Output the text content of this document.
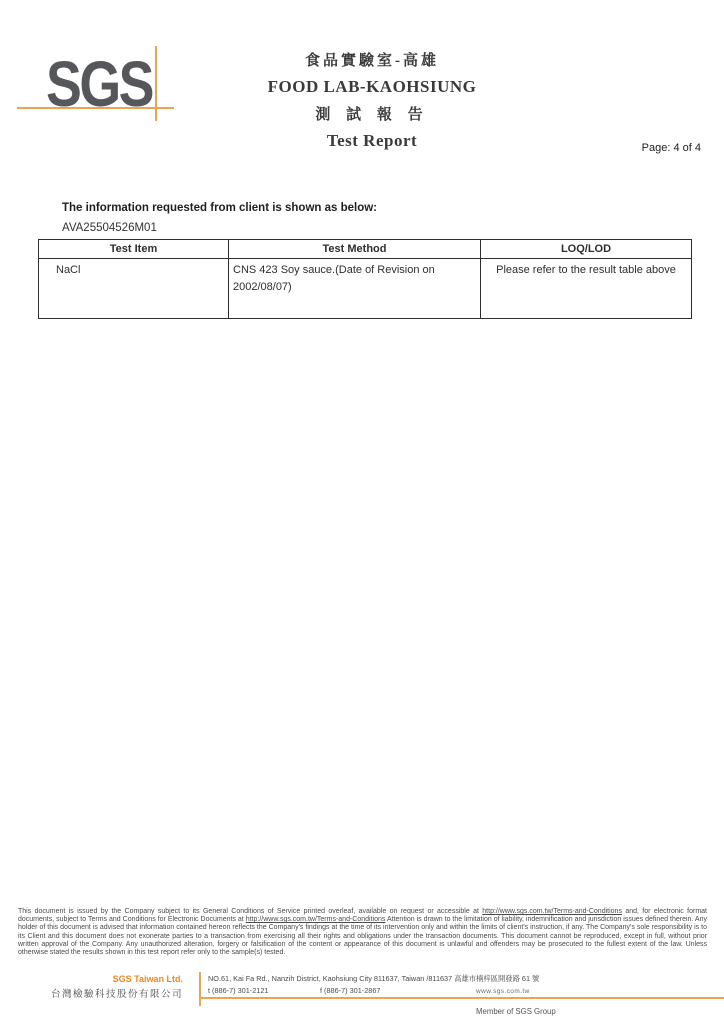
SGS	食品實驗室-高雄
FOOD LAB-KAOHSIUNG
測 試 報 告
Test Report	Page: 4 of 4
The information requested from client is shown as below:
AVA25504526M01
Test Item	Test Method	LOQ/LOD
NaCl	CNS 423 Soy sauce.(Date of Revision on 2002/08/07)	Please refer to the result table above

This document is issued by the Company subject to its General Conditions of Service printed overleaf, available on request or accessible at http://www.sgs.com.tw/Terms-and-Conditions and, for electronic format documents, subject to Terms and Conditions for Electronic Documents at http://www.sgs.com.tw/Terms-and-Conditions Attention is drawn to the limitation of liability, indemnification and jurisdiction issues defined therein. Any holder of this document is advised that information contained hereon reflects the Company's findings at the time of its intervention only and within the limits of client's instruction, if any. The Company's sole responsibility is to its Client and this document does not exonerate parties to a transaction from exercising all their rights and obligations under the transaction documents. This document cannot be reproduced, except in full, without prior written approval of the Company. Any unauthorized alteration, forgery or falsification of the content or appearance of this document is unlawful and offenders may be prosecuted to the fullest extent of the law. Unless otherwise stated the results shown in this test report refer only to the sample(s) tested.

SGS Taiwan Ltd.
台灣檢驗科技股份有限公司
NO.61, Kai Fa Rd., Nanzih District, Kaohsiung City 811637, Taiwan /811637 高雄市楠梓區開發路 61 號
t (886-7) 301-2121	f (886-7) 301-2867	www.sgs.com.tw
Member of SGS Group
